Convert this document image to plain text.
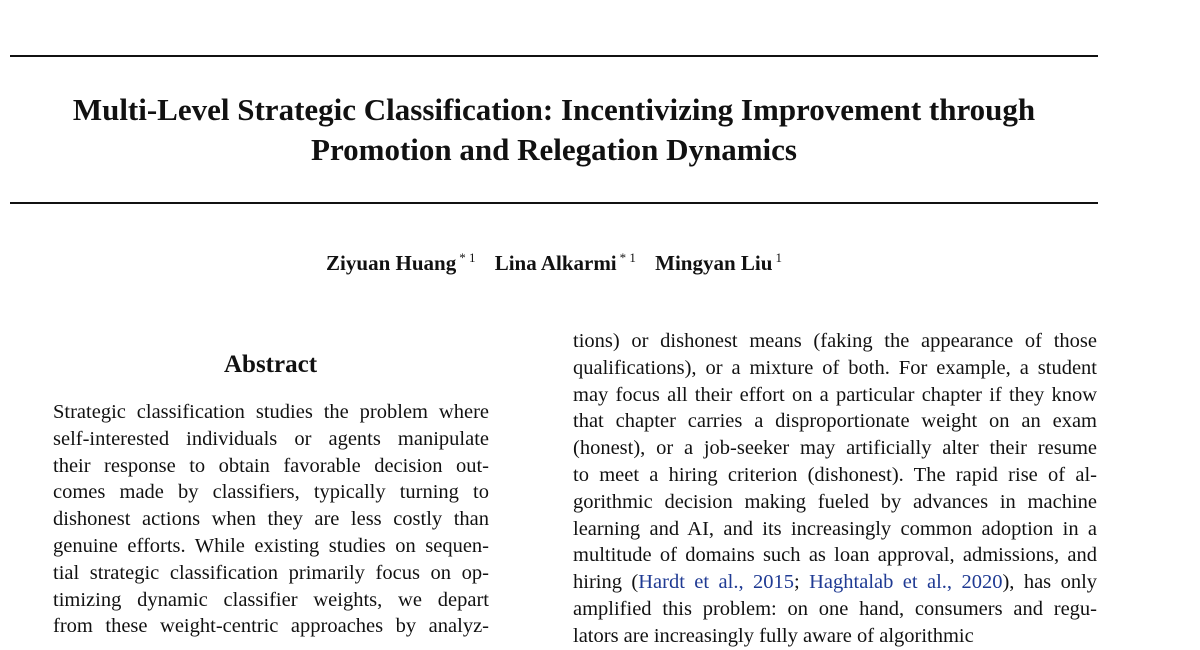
Multi-Level Strategic Classification: Incentivizing Improvement through
Promotion and Relegation Dynamics
Ziyuan Huang $^{* 1}$ Lina Alkarmi $^{* 1}$ Mingyan Liu $^1$
Abstract
Strategic classification studies the problem where
self-interested individuals or agents manipulate
their response to obtain favorable decision out-
comes made by classifiers, typically turning to
dishonest actions when they are less costly than
genuine efforts. While existing studies on sequen-
tial strategic classification primarily focus on op-
timizing dynamic classifier weights, we depart
from these weight-centric approaches by analyz-
tions) or dishonest means (faking the appearance of those
qualifications), or a mixture of both. For example, a student
may focus all their effort on a particular chapter if they know
that chapter carries a disproportionate weight on an exam
(honest), or a job-seeker may artificially alter their resume
to meet a hiring criterion (dishonest). The rapid rise of al-
gorithmic decision making fueled by advances in machine
learning and AI, and its increasingly common adoption in a
multitude of domains such as loan approval, admissions, and
hiring (Hardt et al., 2015; Haghtalab et al., 2020), has only
amplified this problem: on one hand, consumers and regu-
lators are increasingly fully aware of algorithmic
